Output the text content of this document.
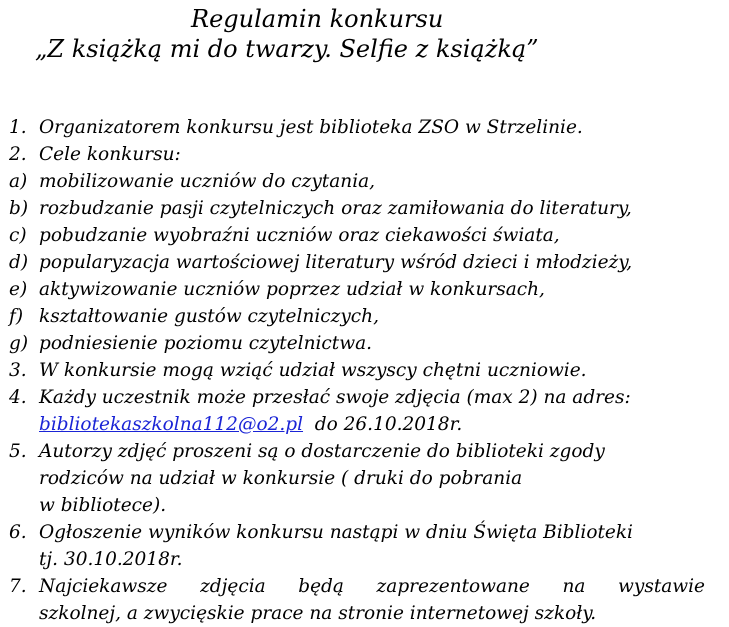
Regulamin konkursu
„Z książką mi do twarzy. Selfie z książką”
1. Organizatorem konkursu jest biblioteka ZSO w Strzelinie.
2. Cele konkursu:
a) mobilizowanie uczniów do czytania,
b) rozbudzanie pasji czytelniczych oraz zamiłowania do literatury,
c) pobudzanie wyobraźni uczniów oraz ciekawości świata,
d) popularyzacja wartościowej literatury wśród dzieci i młodzieży,
e) aktywizowanie uczniów poprzez udział w konkursach,
f) kształtowanie gustów czytelniczych,
g) podniesienie poziomu czytelnictwa.
3. W konkursie mogą wziąć udział wszyscy chętni uczniowie.
4. Każdy uczestnik może przesłać swoje zdjęcia (max 2) na adres:
bibliotekaszkolna112@o2.pl do 26.10.2018r.
5. Autorzy zdjęć proszeni są o dostarczenie do biblioteki zgody
rodziców na udział w konkursie ( druki do pobrania
w bibliotece).
6. Ogłoszenie wyników konkursu nastąpi w dniu Święta Biblioteki
tj. 30.10.2018r.
7. Najciekawsze zdjęcia będą zaprezentowane na wystawie
szkolnej, a zwycięskie prace na stronie internetowej szkoły.
